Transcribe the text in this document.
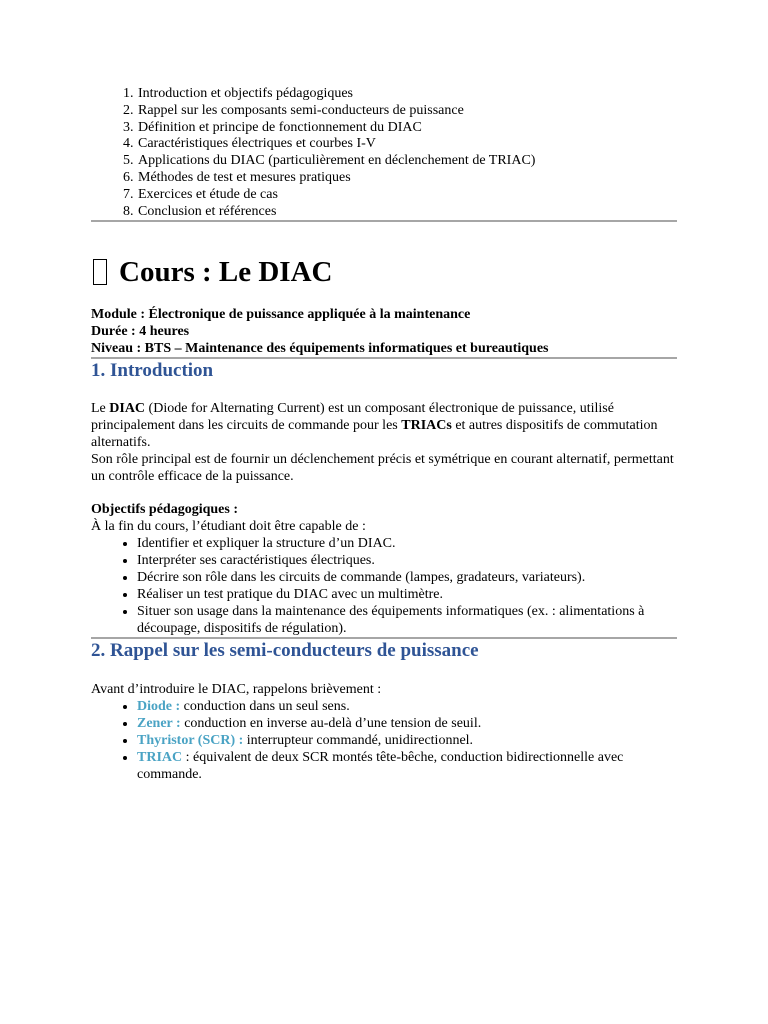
1. Introduction et objectifs pédagogiques
2. Rappel sur les composants semi-conducteurs de puissance
3. Définition et principe de fonctionnement du DIAC
4. Caractéristiques électriques et courbes I-V
5. Applications du DIAC (particulièrement en déclenchement de TRIAC)
6. Méthodes de test et mesures pratiques
7. Exercices et étude de cas
8. Conclusion et références
Cours : Le DIAC
Module : Électronique de puissance appliquée à la maintenance
Durée : 4 heures
Niveau : BTS – Maintenance des équipements informatiques et bureautiques
1. Introduction

Le DIAC (Diode for Alternating Current) est un composant électronique de puissance, utilisé principalement dans les circuits de commande pour les TRIACs et autres dispositifs de commutation alternatifs.

Son rôle principal est de fournir un déclenchement précis et symétrique en courant alternatif, permettant un contrôle efficace de la puissance.

Objectifs pédagogiques :

À la fin du cours, l’étudiant doit être capable de :

• Identifier et expliquer la structure d’un DIAC.
• Interpréter ses caractéristiques électriques.
• Décrire son rôle dans les circuits de commande (lampes, gradateurs, variateurs).
• Réaliser un test pratique du DIAC avec un multimètre.
• Situer son usage dans la maintenance des équipements informatiques (ex. : alimentations à découpage, dispositifs de régulation).
2. Rappel sur les semi-conducteurs de puissance

Avant d’introduire le DIAC, rappelons brièvement :

• Diode : conduction dans un seul sens.
• Zener : conduction en inverse au-delà d’une tension de seuil.
• Thyristor (SCR) : interrupteur commandé, unidirectionnel.
• TRIAC : équivalent de deux SCR montés tête-bêche, conduction bidirectionnelle avec commande.
